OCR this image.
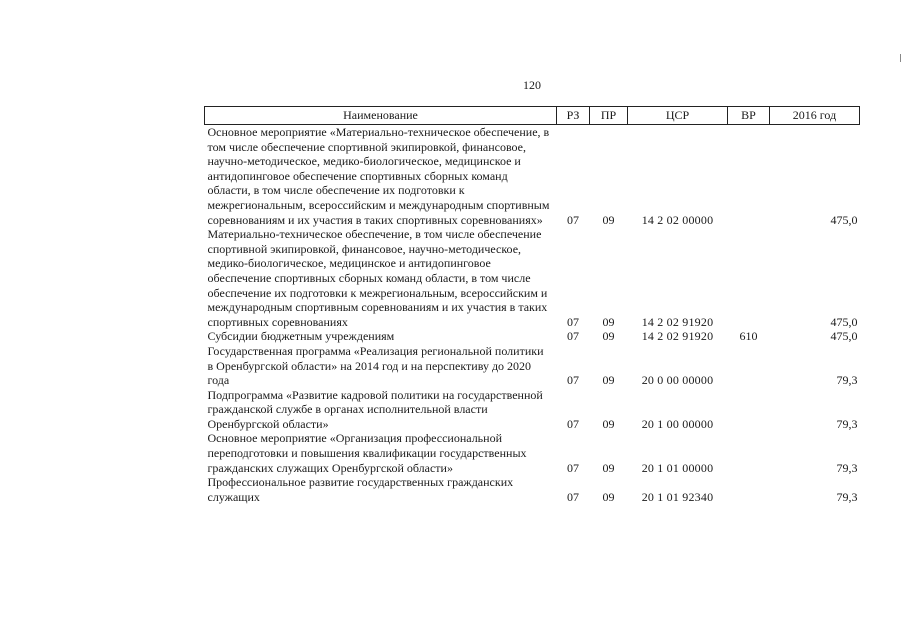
120
Наименование	РЗ	ПР	ЦСР	ВР	2016 год
Основное мероприятие «Материально-техническое обеспечение, в том числе обеспечение спортивной экипировкой, финансовое, научно-методическое, медико-биологическое, медицинское и антидопинговое обеспечение спортивных сборных команд области, в том числе обеспечение их подготовки к межрегиональным, всероссийским и международным спортивным соревнованиям и их участия в таких спортивных соревнованиях»	07	09	14 2 02 00000		475,0
Материально-техническое обеспечение, в том числе обеспечение спортивной экипировкой, финансовое, научно-методическое, медико-биологическое, медицинское и антидопинговое обеспечение спортивных сборных команд области, в том числе обеспечение их подготовки к межрегиональным, всероссийским и международным спортивным соревнованиям и их участия в таких спортивных соревнованиях	07	09	14 2 02 91920		475,0
Субсидии бюджетным учреждениям	07	09	14 2 02 91920	610	475,0
Государственная программа «Реализация региональной политики в Оренбургской области» на 2014 год и на перспективу до 2020 года	07	09	20 0 00 00000		79,3
Подпрограмма «Развитие кадровой политики на государственной гражданской службе в органах исполнительной власти Оренбургской области»	07	09	20 1 00 00000		79,3
Основное мероприятие «Организация профессиональной переподготовки и повышения квалификации государственных гражданских служащих Оренбургской области»	07	09	20 1 01 00000		79,3
Профессиональное развитие государственных гражданских служащих	07	09	20 1 01 92340		79,3
